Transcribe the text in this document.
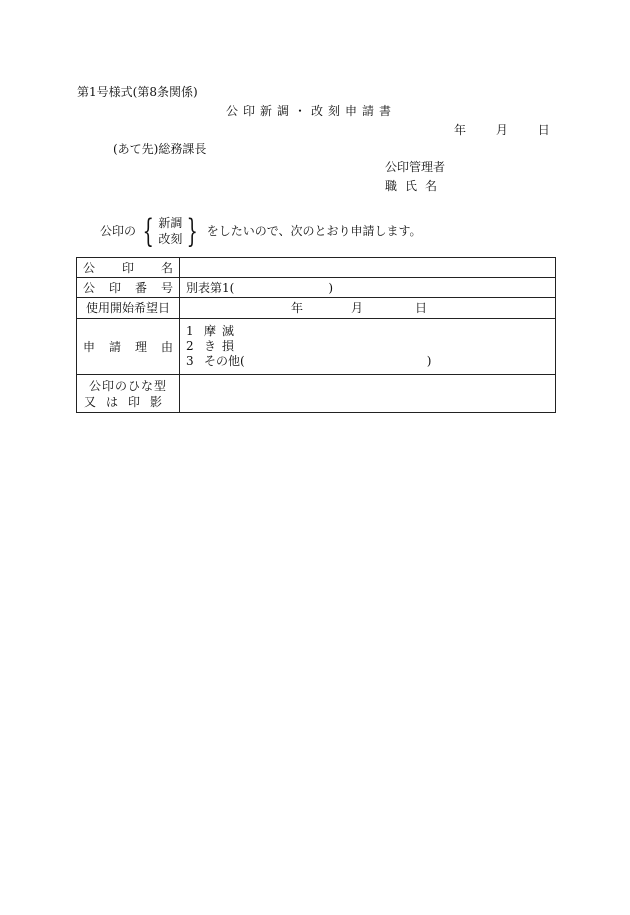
第1号様式(第8条関係)
公印新調・改刻申請書
年 月 日
(あて先)総務課長
公印管理者
職氏名
公印の { 新調
改刻 } をしたいので、次のとおり申請します。
公 印 名	

公 印 番 号	別表第1( )
使用開始希望日	年 月 日

申 請 理 由	1 摩滅
2 き損
3 その他( )

公印のひな型
又は印影	
